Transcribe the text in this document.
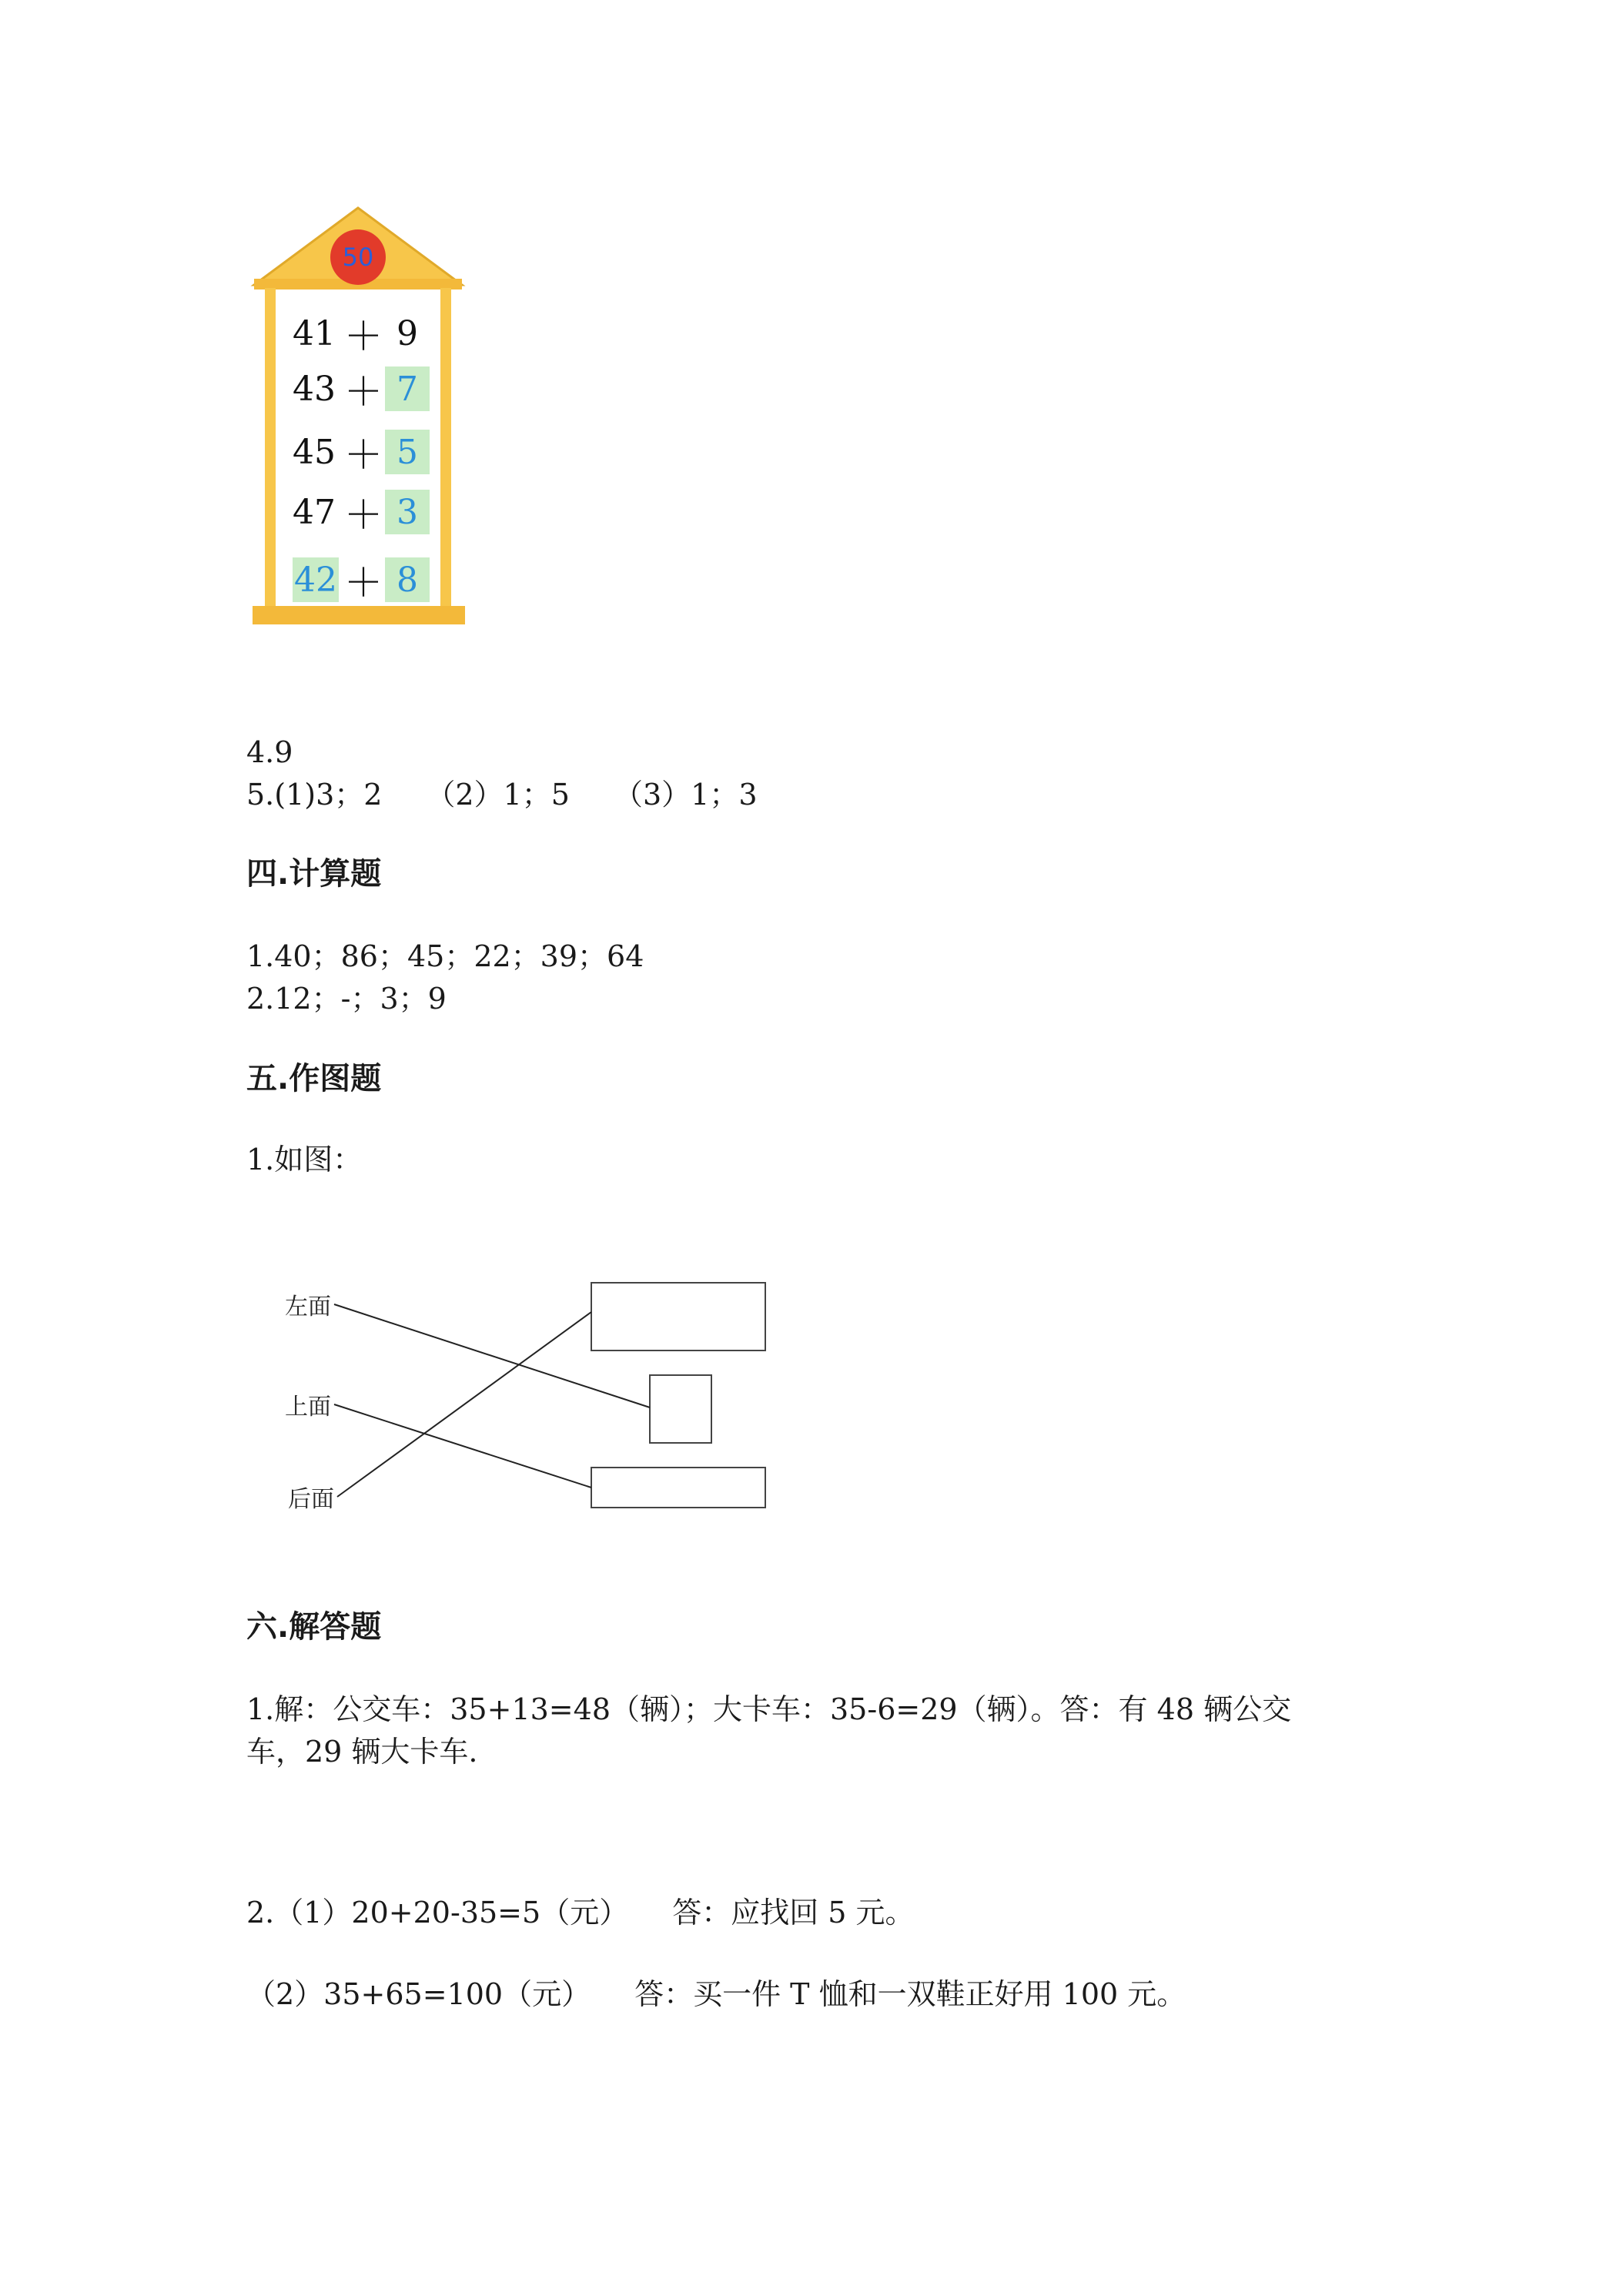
50
41 ＋ 9
43 ＋ 7
45 ＋ 5
47 ＋ 3
42 ＋ 8
4.9
5.(1)3；2　　（2）1；5　　（3）1；3
四.计算题
1.40；86；45；22；39；64
2.12；-；3；9
五.作图题
1.如图：
左面
上面
后面
六.解答题
1.解：公交车：35+13=48（辆）；大卡车：35-6=29（辆）。答：有 48 辆公交
车，29 辆大卡车.
2.（1）20+20-35=5（元）　　答：应找回 5 元。
（2）35+65=100（元）　　答：买一件 T 恤和一双鞋正好用 100 元。
